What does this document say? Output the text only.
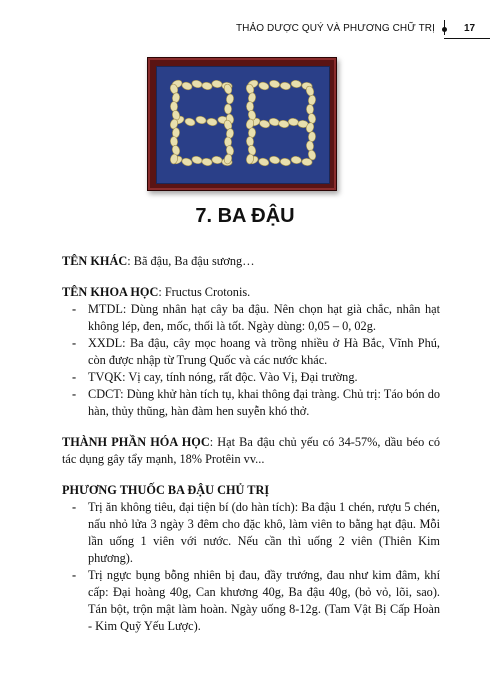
THẢO DƯỢC QUÝ VÀ PHƯƠNG CHỮ TRỊ	17
7. BA ĐẬU

TÊN KHÁC: Bã đậu, Ba đậu sương…

TÊN KHOA HỌC: Fructus Crotonis.

- MTDL: Dùng nhân hạt cây ba đậu. Nên chọn hạt già chắc, nhân hạt không lép, đen, mốc, thối là tốt. Ngày dùng: 0,05 – 0, 02g.

- XXDL: Ba đậu, cây mọc hoang và trồng nhiều ở Hà Bắc, Vĩnh Phú, còn được nhập từ Trung Quốc và các nước khác.

- TVQK: Vị cay, tính nóng, rất độc. Vào Vị, Đại trường.

- CDCT: Dùng khử hàn tích tụ, khai thông đại tràng. Chủ trị: Táo bón do hàn, thủy thũng, hàn đàm hen suyễn khó thở.

THÀNH PHẦN HÓA HỌC: Hạt Ba đậu chủ yếu có 34-57%, dầu béo có tác dụng gây tẩy mạnh, 18% Protêin vv...

PHƯƠNG THUỐC BA ĐẬU CHỦ TRỊ

- Trị ăn không tiêu, đại tiện bí (do hàn tích): Ba đậu 1 chén, rượu 5 chén, nấu nhỏ lửa 3 ngày 3 đêm cho đặc khô, làm viên to bằng hạt đậu. Mỗi lần uống 1 viên với nước. Nếu cần thì uống 2 viên (Thiên Kim phương).

- Trị ngực bụng bỗng nhiên bị đau, đầy trướng, đau như kim đâm, khí cấp: Đại hoàng 40g, Can khương 40g, Ba đậu 40g, (bỏ vỏ, lõi, sao). Tán bột, trộn mật làm hoàn. Ngày uống 8-12g. (Tam Vật Bị Cấp Hoàn - Kim Quỹ Yếu Lược).
